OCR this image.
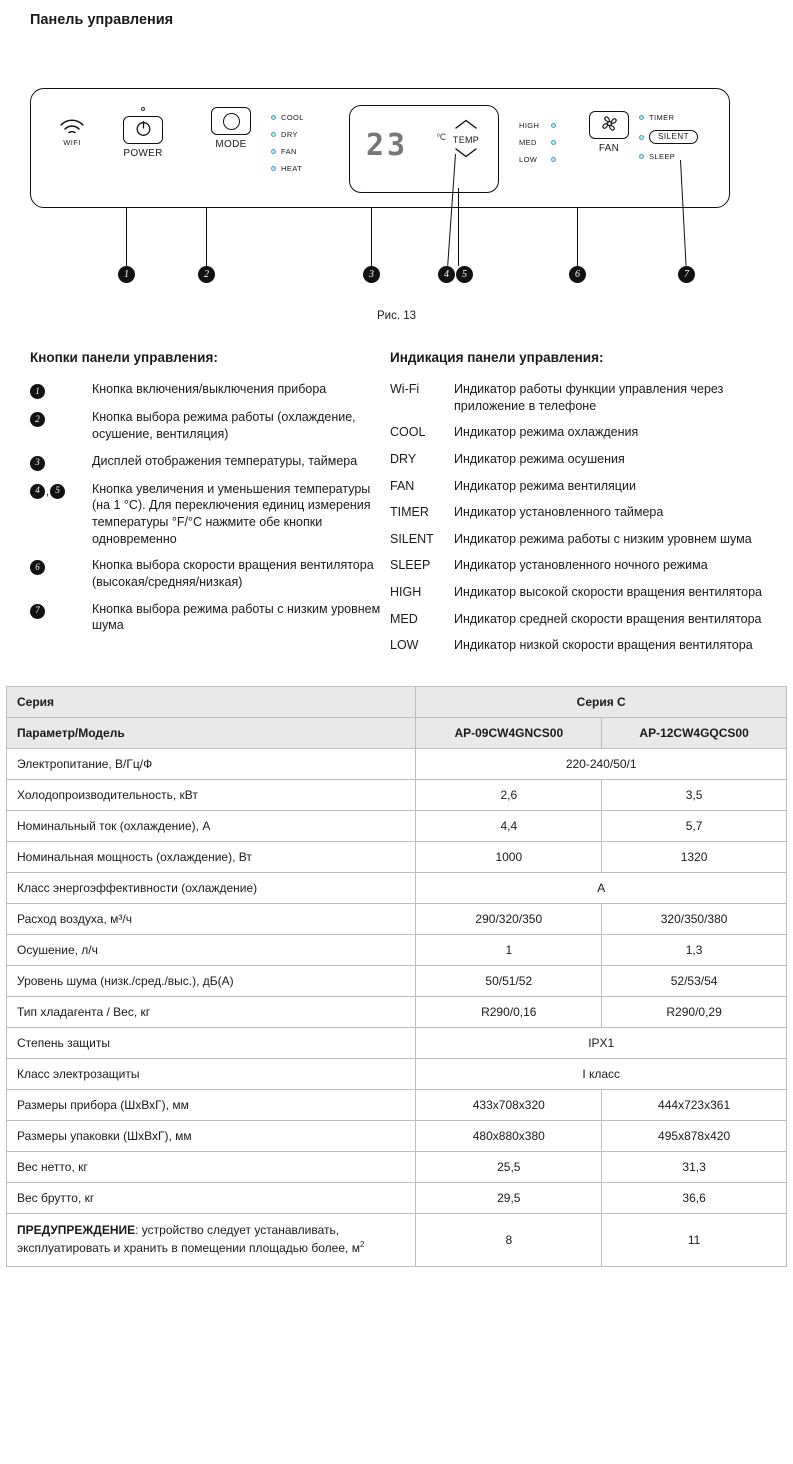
Панель управления
WIFI
POWER
MODE
COOL
DRY
FAN
HEAT
23	℃ TEMP
HIGH
MED
LOW
FAN
TIMER
SILENT
SLEEP
1	2	3	4	5	6	7
Рис. 13
Кнопки панели управления:
1	Кнопка включения/выключения прибора
2	Кнопка выбора режима работы (охлаждение, осушение, вентиляция)
3	Дисплей отображения температуры, таймера
4 , 5	Кнопка увеличения и уменьшения температуры (на 1 °C). Для переключения единиц измерения температуры °F/°C нажмите обе кнопки одновременно
6	Кнопка выбора скорости вращения вентилятора (высокая/средняя/низкая)
7	Кнопка выбора режима работы с низким уровнем шума
Индикация панели управления:
Wi-Fi	Индикатор работы функции управления через приложение в телефоне
COOL	Индикатор режима охлаждения
DRY	Индикатор режима осушения
FAN	Индикатор режима вентиляции
TIMER	Индикатор установленного таймера
SILENT	Индикатор режима работы с низким уровнем шума
SLEEP	Индикатор установленного ночного режима
HIGH	Индикатор высокой скорости вращения вентилятора
MED	Индикатор средней скорости вращения вентилятора
LOW	Индикатор низкой скорости вращения вентилятора
Серия	Серия C	
Параметр/Модель	AP-09CW4GNCS00	AP-12CW4GQCS00
Электропитание, В/Гц/Ф	220-240/50/1	
Холодопроизводительность, кВт	2,6	3,5
Номинальный ток (охлаждение), А	4,4	5,7
Номинальная мощность (охлаждение), Вт	1000	1320
Класс энергоэффективности (охлаждение)	А	
Расход воздуха, м³/ч	290/320/350	320/350/380
Осушение, л/ч	1	1,3
Уровень шума (низк./сред./выс.), дБ(А)	50/51/52	52/53/54
Тип хладагента / Вес, кг	R290/0,16	R290/0,29
Степень защиты	IPX1	
Класс электрозащиты	I класс	
Размеры прибора (ШхВхГ), мм	433x708x320	444x723x361
Размеры упаковки (ШхВхГ), мм	480x880x380	495x878x420
Вес нетто, кг	25,5	31,3
Вес брутто, кг	29,5	36,6
ПРЕДУПРЕЖДЕНИЕ: устройство следует устанавливать, эксплуатировать и хранить в помещении площадью более, $м^2$	8	11
